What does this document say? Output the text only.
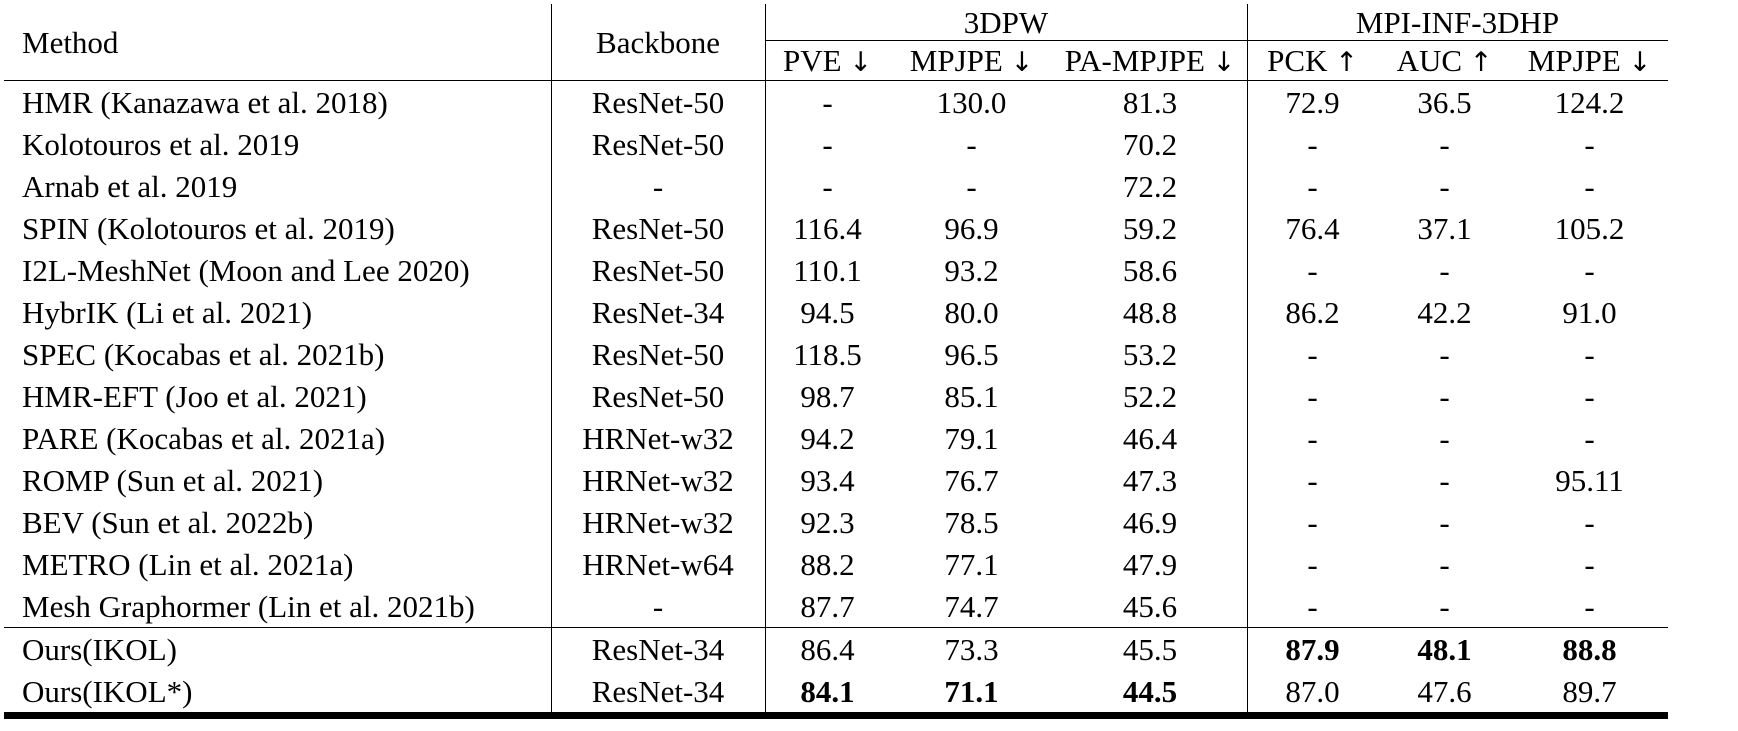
Method	Backbone	3DPW			MPI-INF-3DHP		
		PVE ↓	MPJPE ↓	PA-MPJPE ↓	PCK ↑	AUC ↑	MPJPE ↓
HMR (Kanazawa et al. 2018)	ResNet-50	-	130.0	81.3	72.9	36.5	124.2
Kolotouros et al. 2019	ResNet-50	-	-	70.2	-	-	-
Arnab et al. 2019	-	-	-	72.2	-	-	-
SPIN (Kolotouros et al. 2019)	ResNet-50	116.4	96.9	59.2	76.4	37.1	105.2
I2L-MeshNet (Moon and Lee 2020)	ResNet-50	110.1	93.2	58.6	-	-	-
HybrIK (Li et al. 2021)	ResNet-34	94.5	80.0	48.8	86.2	42.2	91.0
SPEC (Kocabas et al. 2021b)	ResNet-50	118.5	96.5	53.2	-	-	-
HMR-EFT (Joo et al. 2021)	ResNet-50	98.7	85.1	52.2	-	-	-
PARE (Kocabas et al. 2021a)	HRNet-w32	94.2	79.1	46.4	-	-	-
ROMP (Sun et al. 2021)	HRNet-w32	93.4	76.7	47.3	-	-	95.11
BEV (Sun et al. 2022b)	HRNet-w32	92.3	78.5	46.9	-	-	-
METRO (Lin et al. 2021a)	HRNet-w64	88.2	77.1	47.9	-	-	-
Mesh Graphormer (Lin et al. 2021b)	-	87.7	74.7	45.6	-	-	-
Ours(IKOL)	ResNet-34	86.4	73.3	45.5	87.9	48.1	88.8
Ours(IKOL*)	ResNet-34	84.1	71.1	44.5	87.0	47.6	89.7
